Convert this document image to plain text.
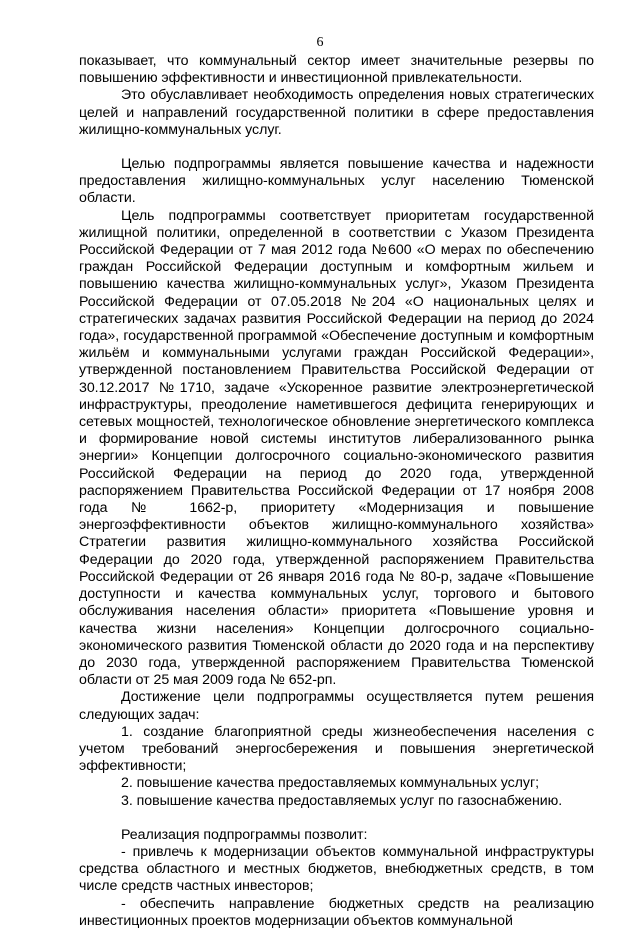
6

показывает, что коммунальный сектор имеет значительные резервы по повышению эффективности и инвестиционной привлекательности.

Это обуславливает необходимость определения новых стратегических целей и направлений государственной политики в сфере предоставления жилищно-коммунальных услуг.

Целью подпрограммы является повышение качества и надежности предоставления жилищно-коммунальных услуг населению Тюменской области.

Цель подпрограммы соответствует приоритетам государственной жилищной политики, определенной в соответствии с Указом Президента Российской Федерации от 7 мая 2012 года №600 «О мерах по обеспечению граждан Российской Федерации доступным и комфортным жильем и повышению качества жилищно-коммунальных услуг», Указом Президента Российской Федерации от 07.05.2018 №204 «О национальных целях и стратегических задачах развития Российской Федерации на период до 2024 года», государственной программой «Обеспечение доступным и комфортным жильём и коммунальными услугами граждан Российской Федерации», утвержденной постановлением Правительства Российской Федерации от 30.12.2017 №1710, задаче «Ускоренное развитие электроэнергетической инфраструктуры, преодоление наметившегося дефицита генерирующих и сетевых мощностей, технологическое обновление энергетического комплекса и формирование новой системы институтов либерализованного рынка энергии» Концепции долгосрочного социально-экономического развития Российской Федерации на период до 2020 года, утвержденной распоряжением Правительства Российской Федерации от 17 ноября 2008 года № 1662-р, приоритету «Модернизация и повышение энергоэффективности объектов жилищно-коммунального хозяйства» Стратегии развития жилищно-коммунального хозяйства Российской Федерации до 2020 года, утвержденной распоряжением Правительства Российской Федерации от 26 января 2016 года № 80-р, задаче «Повышение доступности и качества коммунальных услуг, торгового и бытового обслуживания населения области» приоритета «Повышение уровня и качества жизни населения» Концепции долгосрочного социально-экономического развития Тюменской области до 2020 года и на перспективу до 2030 года, утвержденной распоряжением Правительства Тюменской области от 25 мая 2009 года № 652-рп.

Достижение цели подпрограммы осуществляется путем решения следующих задач:

1. создание благоприятной среды жизнеобеспечения населения с учетом требований энергосбережения и повышения энергетической эффективности;

2. повышение качества предоставляемых коммунальных услуг;

3. повышение качества предоставляемых услуг по газоснабжению.

Реализация подпрограммы позволит:

- привлечь к модернизации объектов коммунальной инфраструктуры средства областного и местных бюджетов, внебюджетных средств, в том числе средств частных инвесторов;

- обеспечить направление бюджетных средств на реализацию инвестиционных проектов модернизации объектов коммунальной
